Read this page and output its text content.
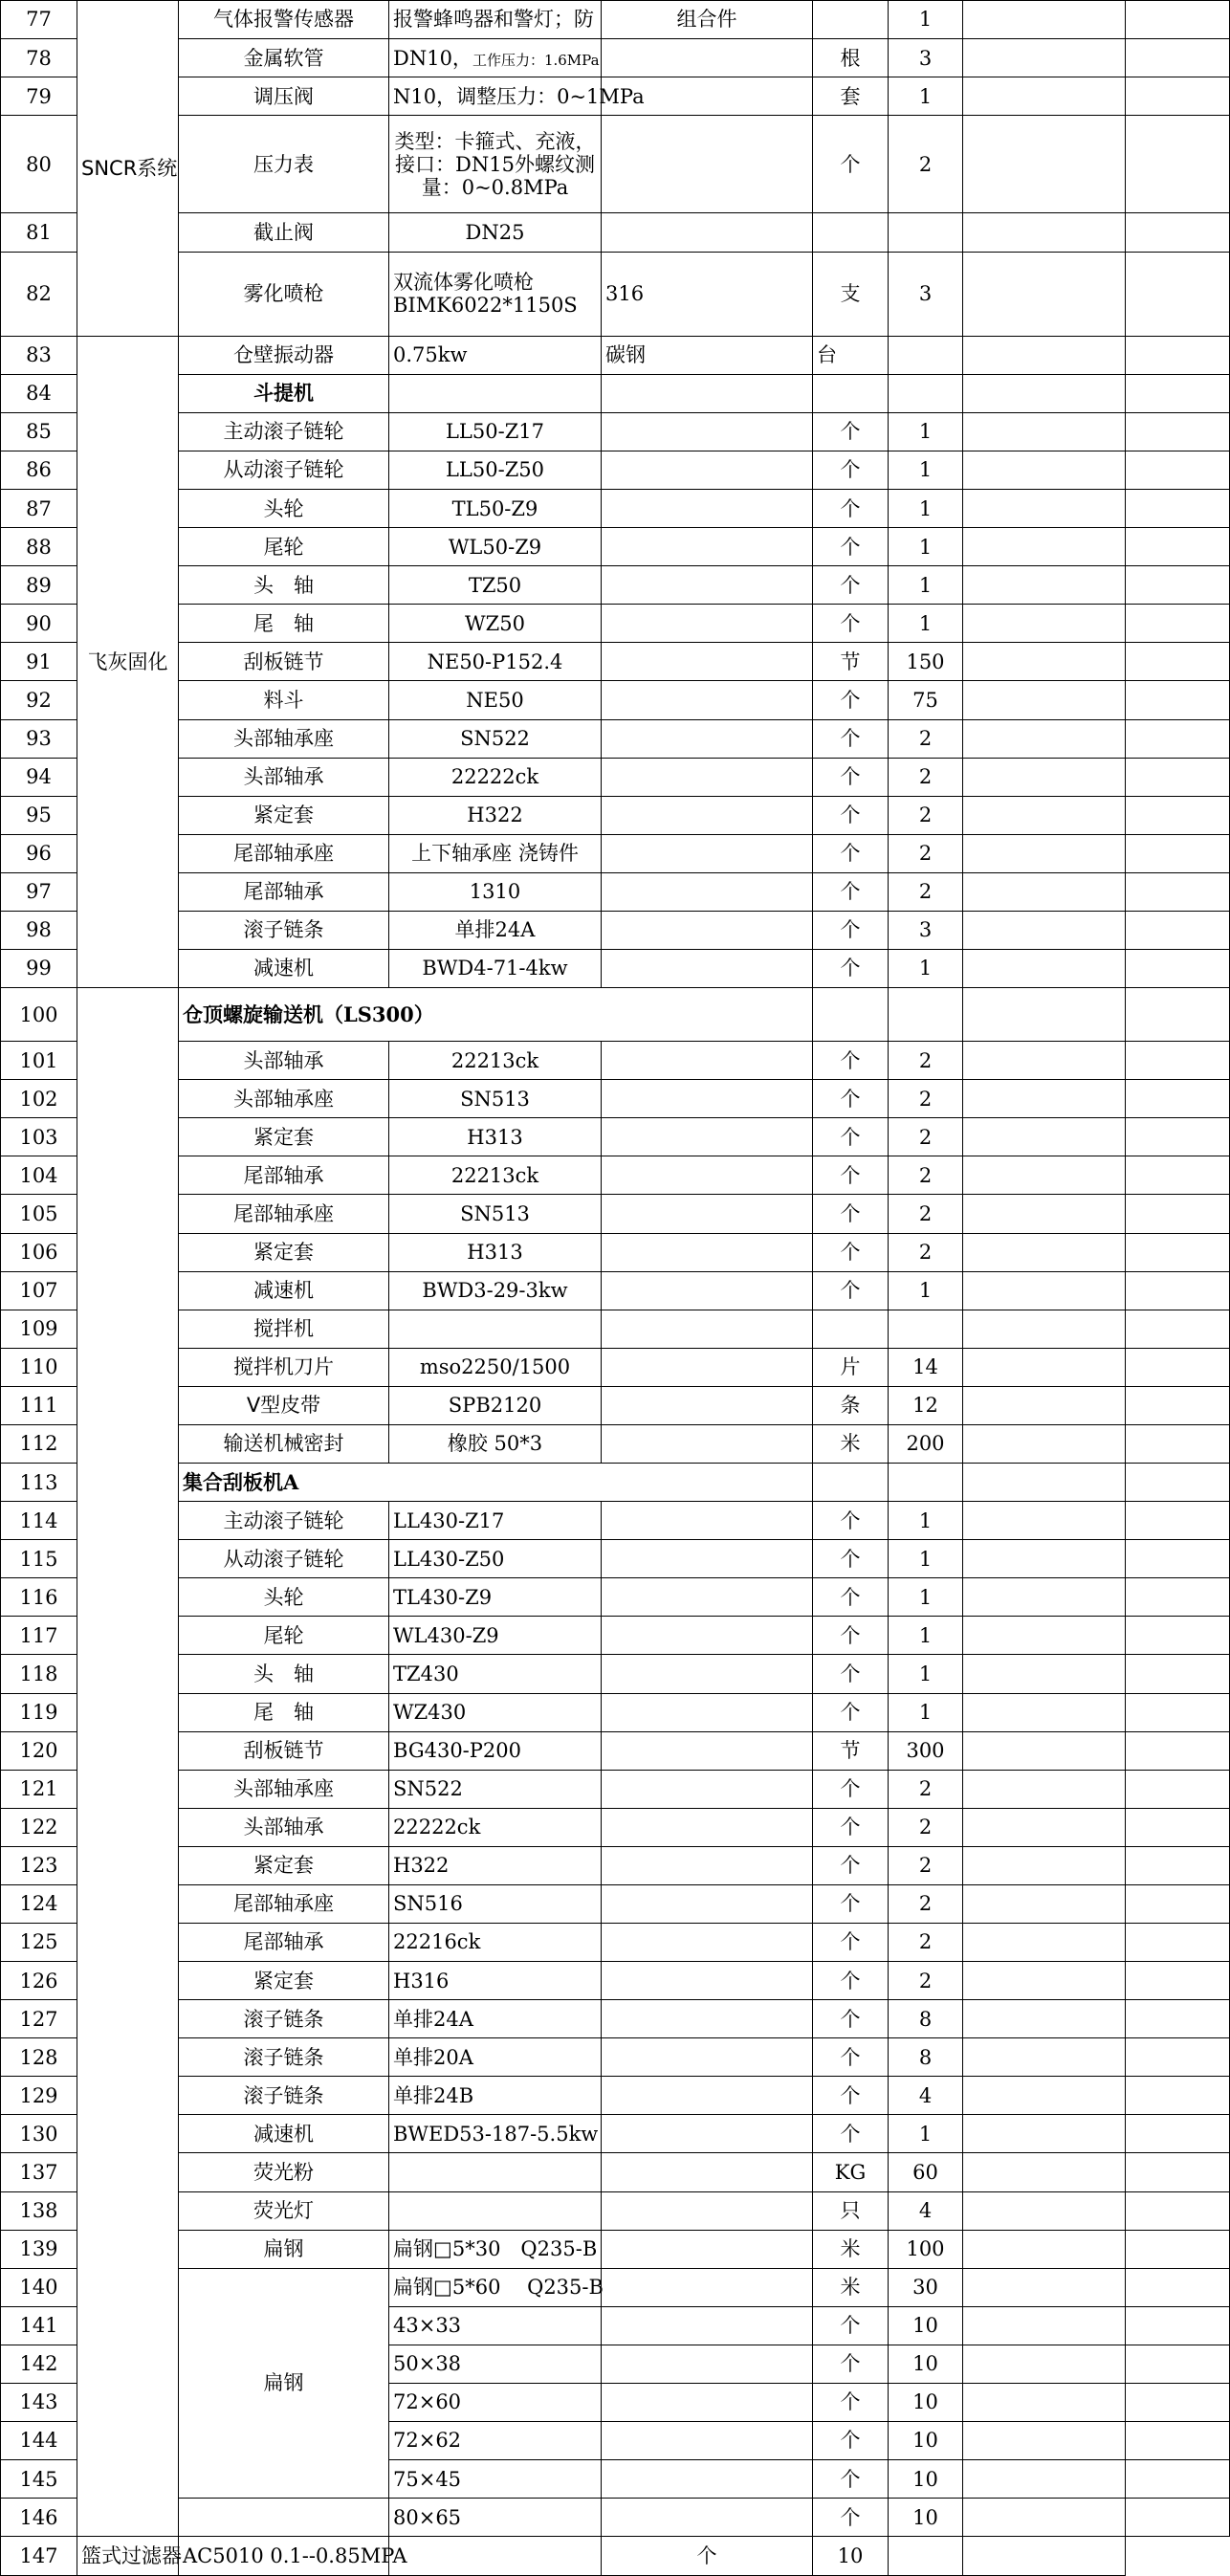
77	SNCR系统	气体报警传感器	报警蜂鸣器和警灯；防	组合件		1		
78		金属软管	DN10，工作压力：1.6MPa		根	3		
79		调压阀	N10，调整压力：0~1MPa		套	1		
80		压力表	类型：卡箍式、充液，接口：DN15外螺纹测量：0~0.8MPa		个	2		
81		截止阀	DN25					
82		雾化喷枪	双流体雾化喷枪BIMK6022*1150S	316	支	3		
83	飞灰固化	仓壁振动器	0.75kw	碳钢	台			
84		斗提机						
85		主动滚子链轮	LL50-Z17		个	1		
86		从动滚子链轮	LL50-Z50		个	1		
87		头轮	TL50-Z9		个	1		
88		尾轮	WL50-Z9		个	1		
89		头　轴	TZ50		个	1		
90		尾　轴	WZ50		个	1		
91		刮板链节	NE50-P152.4		节	150		
92		料斗	NE50		个	75		
93		头部轴承座	SN522		个	2		
94		头部轴承	22222ck		个	2		
95		紧定套	H322		个	2		
96		尾部轴承座	上下轴承座 浇铸件		个	2		
97		尾部轴承	1310		个	2		
98		滚子链条	单排24A		个	3		
99		减速机	BWD4-71-4kw		个	1		
100		仓顶螺旋输送机（LS300）						
101		头部轴承	22213ck		个	2		
102		头部轴承座	SN513		个	2		
103		紧定套	H313		个	2		
104		尾部轴承	22213ck		个	2		
105		尾部轴承座	SN513		个	2		
106		紧定套	H313		个	2		
107		减速机	BWD3-29-3kw		个	1		
109		搅拌机						
110		搅拌机刀片	mso2250/1500		片	14		
111		V型皮带	SPB2120		条	12		
112		输送机械密封	橡胶 50*3		米	200		
113		集合刮板机A						
114		主动滚子链轮	LL430-Z17		个	1		
115		从动滚子链轮	LL430-Z50		个	1		
116		头轮	TL430-Z9		个	1		
117		尾轮	WL430-Z9		个	1		
118		头　轴	TZ430		个	1		
119		尾　轴	WZ430		个	1		
120		刮板链节	BG430-P200		节	300		
121		头部轴承座	SN522		个	2		
122		头部轴承	22222ck		个	2		
123		紧定套	H322		个	2		
124		尾部轴承座	SN516		个	2		
125		尾部轴承	22216ck		个	2		
126		紧定套	H316		个	2		
127		滚子链条	单排24A		个	8		
128		滚子链条	单排20A		个	8		
129		滚子链条	单排24B		个	4		
130		减速机	BWED53-187-5.5kw		个	1		
137		荧光粉			KG	60		
138		荧光灯			只	4		
139		扁钢	扁钢□5*30　Q235-B		米	100		
140		扁钢	扁钢□5*60　 Q235-B		米	30		
141			43×33		个	10		
142			50×38		个	10		
143			72×60		个	10		
144			72×62		个	10		
145			75×45		个	10		
146			80×65		个	10		
147	篮式过滤器	AC5010 0.1--0.85MPA		个	10			
